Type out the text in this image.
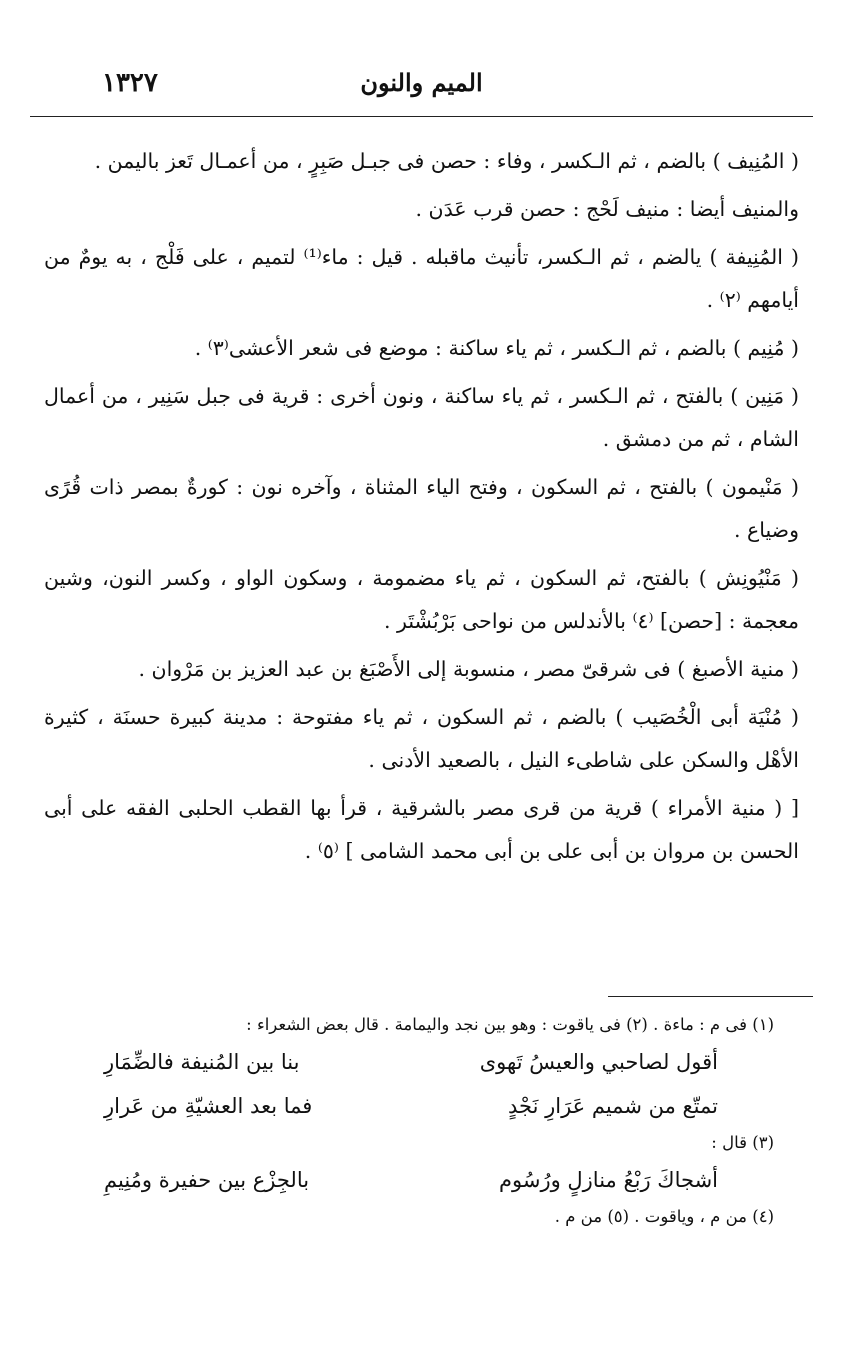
الميم والنون
١٣٢٧

( المُنِيف ) بالضم ، ثم الـكسر ، وفاء : حصن فى جبـل صَبِرٍ ، من أعمـال تَعز باليمن .

والمنيف أيضا : منيف لَحْج : حصن قرب عَدَن .

( المُنِيفة ) يالضم ، ثم الـكسر، تأنيث ماقبله . قيل : ماء⁽¹⁾ لتميم ، على فَلْج ، به يومٌ من أيامهم ⁽٢⁾ .

( مُنِيم ) بالضم ، ثم الـكسر ، ثم ياء ساكنة : موضع فى شعر الأعشى⁽٣⁾ .

( مَنِين ) بالفتح ، ثم الـكسر ، ثم ياء ساكنة ، ونون أخرى : قرية فى جبل سَنِير ، من أعمال الشام ، ثم من دمشق .

( مَنْيمون ) بالفتح ، ثم السكون ، وفتح الياء المثناة ، وآخره نون : كورةٌ بمصر ذات قُرًى وضياع .

( مَنْيُونِش ) بالفتح، ثم السكون ، ثم ياء مضمومة ، وسكون الواو ، وكسر النون، وشين معجمة : [حصن] ⁽٤⁾ بالأندلس من نواحى بَرْبُشْتَر .

( منية الأصبغ ) فى شرقىّ مصر ، منسوبة إلى الأَصْبَغ بن عبد العزيز بن مَرْوان .

( مُنْيَة أبى الْخُصَيب ) بالضم ، ثم السكون ، ثم ياء مفتوحة : مدينة كبيرة حسنَة ، كثيرة الأهْل والسكن على شاطىء النيل ، بالصعيد الأدنى .

[ ( منية الأمراء ) قرية من قرى مصر بالشرقية ، قرأ بها القطب الحلبى الفقه على أبى الحسن بن مروان بن أبى على بن أبى محمد الشامى ] ⁽٥⁾ .

(١) فى م : ماءة . (٢) فى ياقوت : وهو بين نجد واليمامة . قال بعض الشعراء :
أقول لصاحبي والعيسُ تَهوى
بنا بين المُنيفة فالضِّمَارِ
تمتّع من شميم عَرَارِ نَجْدٍ
فما بعد العشيّةِ من عَرارِ
(٣) قال :
أشجاكَ رَبْعُ منازلٍ ورُسُوم
بالجِزْع بين حفيرة ومُنِيمِ
(٤) من م ، وياقوت . (٥) من م .
